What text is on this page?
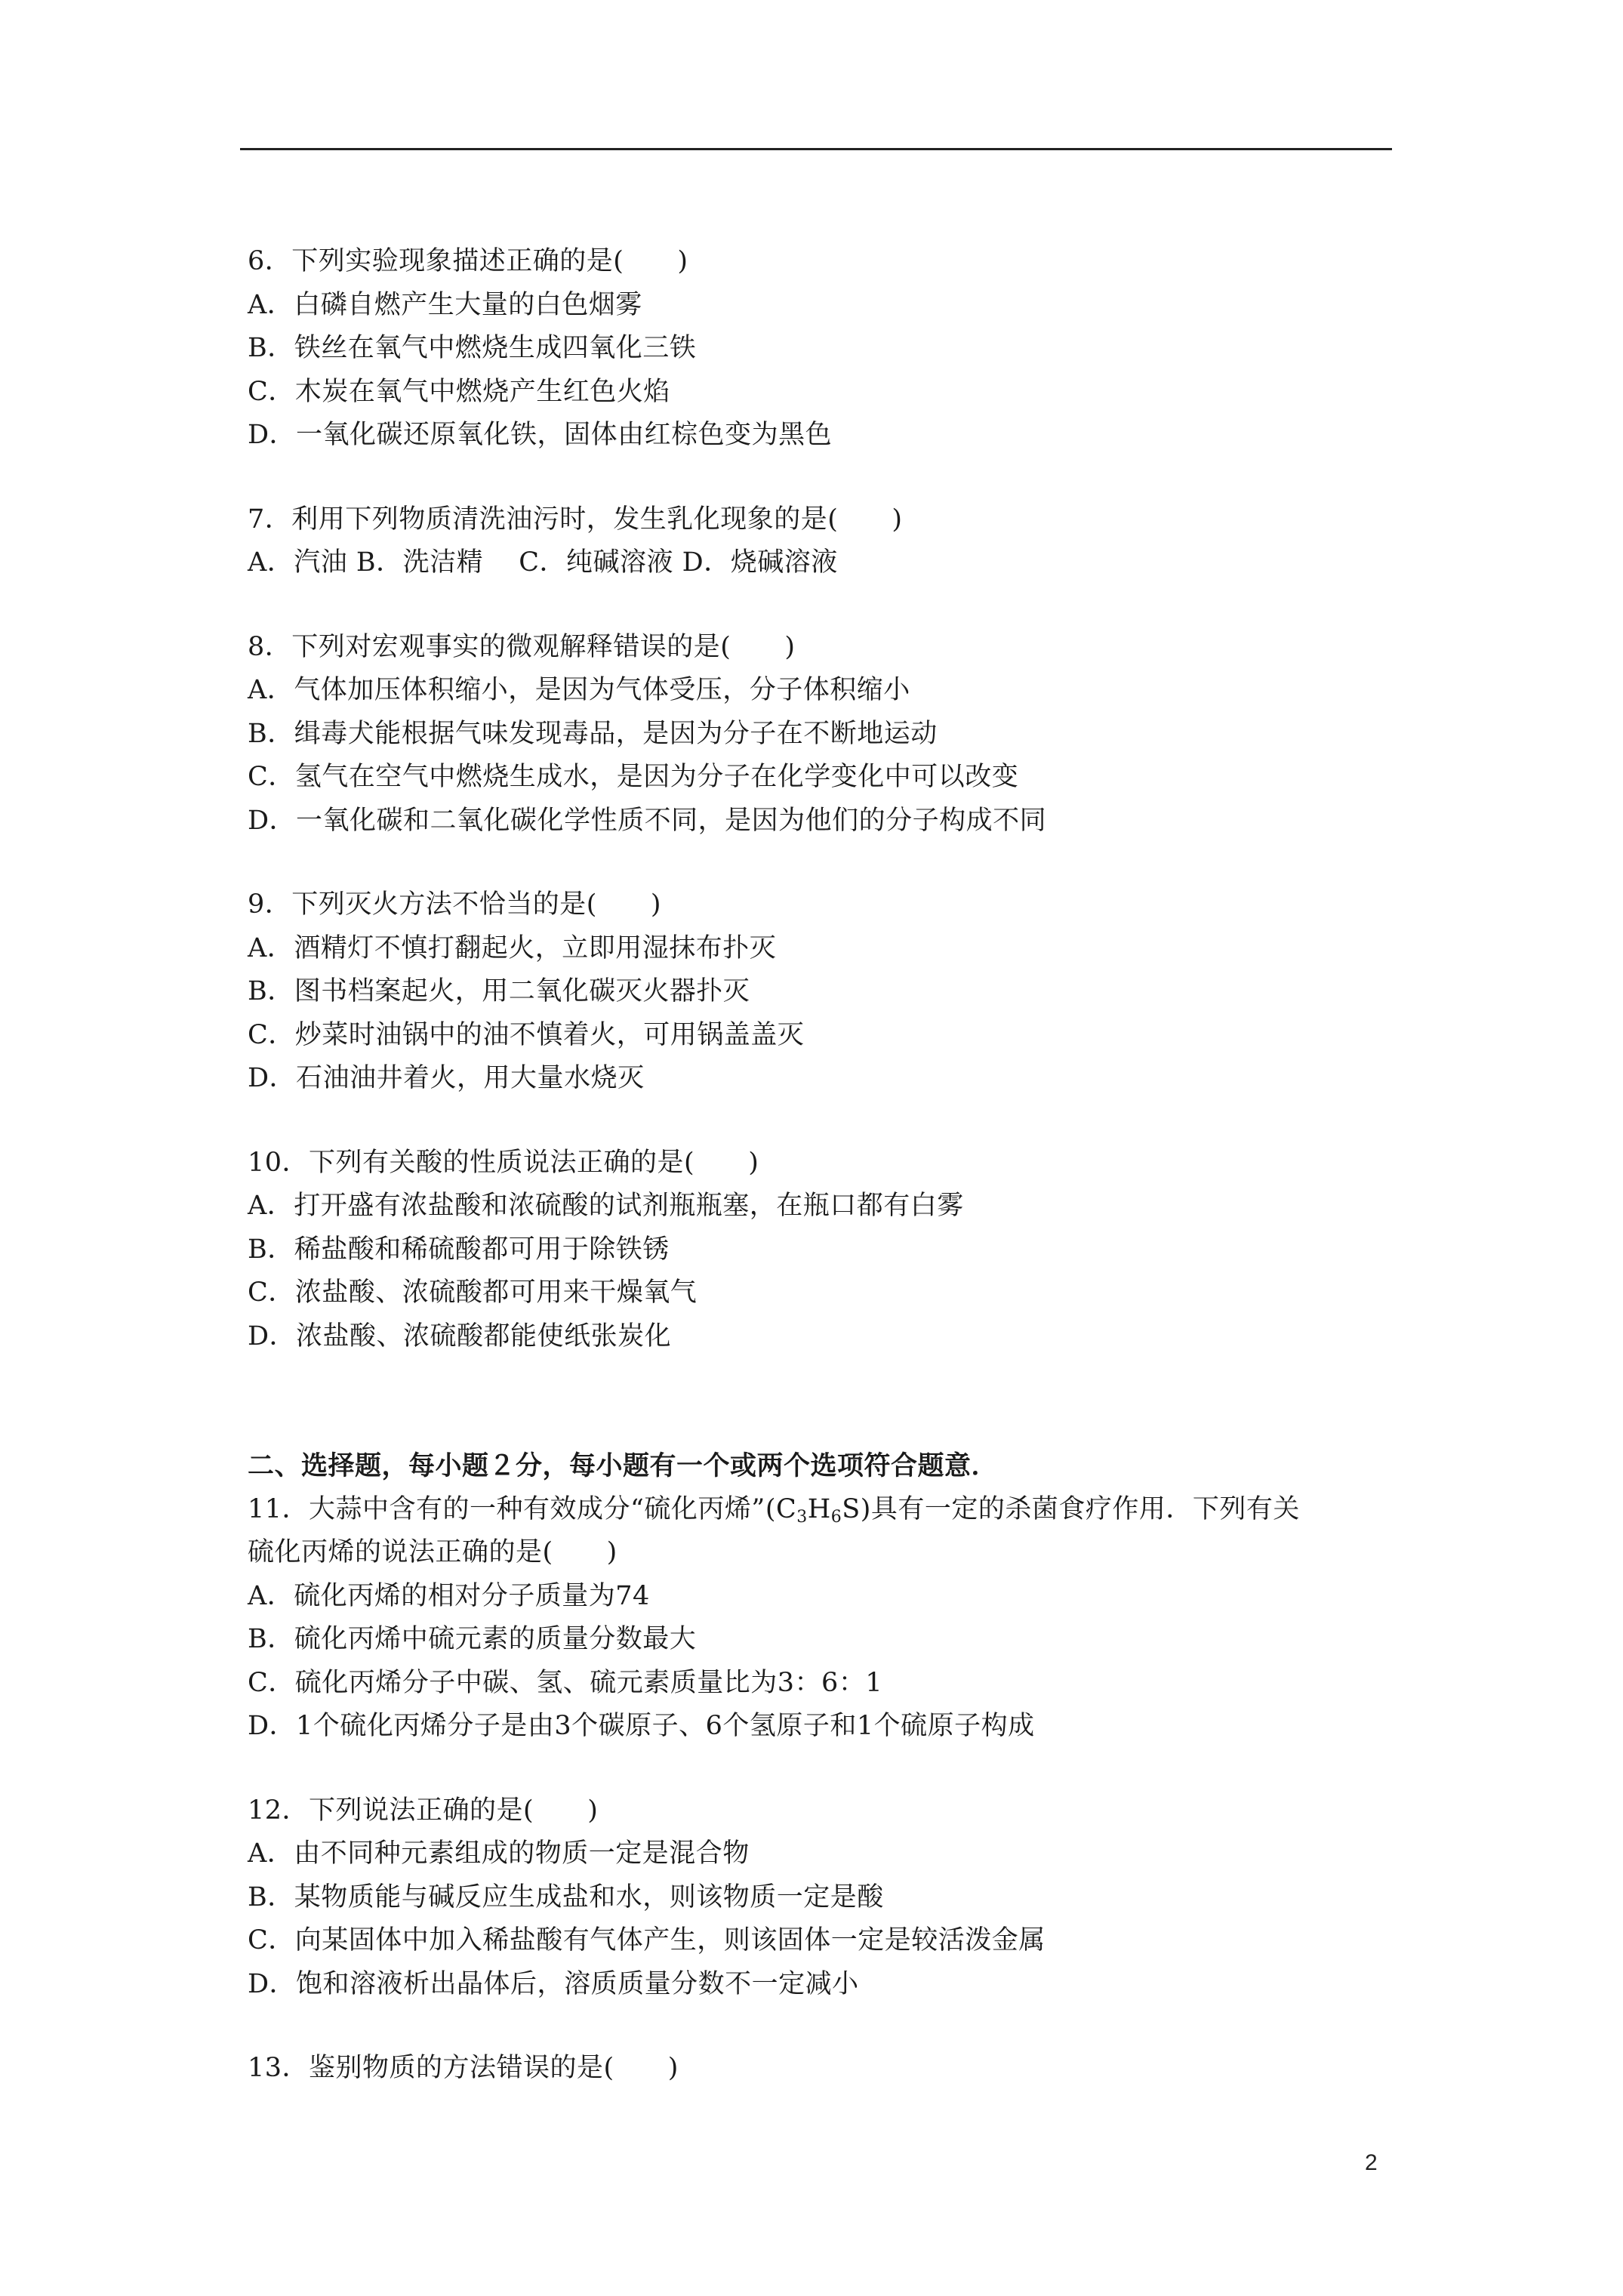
6．下列实验现象描述正确的是(　　)
A．白磷自燃产生大量的白色烟雾
B．铁丝在氧气中燃烧生成四氧化三铁
C．木炭在氧气中燃烧产生红色火焰
D．一氧化碳还原氧化铁，固体由红棕色变为黑色
7．利用下列物质清洗油污时，发生乳化现象的是(　　)
A．汽油 B．洗洁精　 C．纯碱溶液 D．烧碱溶液
8．下列对宏观事实的微观解释错误的是(　　)
A．气体加压体积缩小，是因为气体受压，分子体积缩小
B．缉毒犬能根据气味发现毒品，是因为分子在不断地运动
C．氢气在空气中燃烧生成水，是因为分子在化学变化中可以改变
D．一氧化碳和二氧化碳化学性质不同，是因为他们的分子构成不同
9．下列灭火方法不恰当的是(　　)
A．酒精灯不慎打翻起火，立即用湿抹布扑灭
B．图书档案起火，用二氧化碳灭火器扑灭
C．炒菜时油锅中的油不慎着火，可用锅盖盖灭
D．石油油井着火，用大量水烧灭
10．下列有关酸的性质说法正确的是(　　)
A．打开盛有浓盐酸和浓硫酸的试剂瓶瓶塞，在瓶口都有白雾
B．稀盐酸和稀硫酸都可用于除铁锈
C．浓盐酸、浓硫酸都可用来干燥氧气
D．浓盐酸、浓硫酸都能使纸张炭化
二、选择题，每小题２分，每小题有一个或两个选项符合题意．
11．大蒜中含有的一种有效成分“硫化丙烯$”(C_3H_6S)$具有一定的杀菌食疗作用．下列有关
硫化丙烯的说法正确的是(　　)
A．硫化丙烯的相对分子质量为74
B．硫化丙烯中硫元素的质量分数最大
C．硫化丙烯分子中碳、氢、硫元素质量比为3：6：1
D．1个硫化丙烯分子是由3个碳原子、6个氢原子和1个硫原子构成
12．下列说法正确的是(　　)
A．由不同种元素组成的物质一定是混合物
B．某物质能与碱反应生成盐和水，则该物质一定是酸
C．向某固体中加入稀盐酸有气体产生，则该固体一定是较活泼金属
D．饱和溶液析出晶体后，溶质质量分数不一定减小
13．鉴别物质的方法错误的是(　　)
2
